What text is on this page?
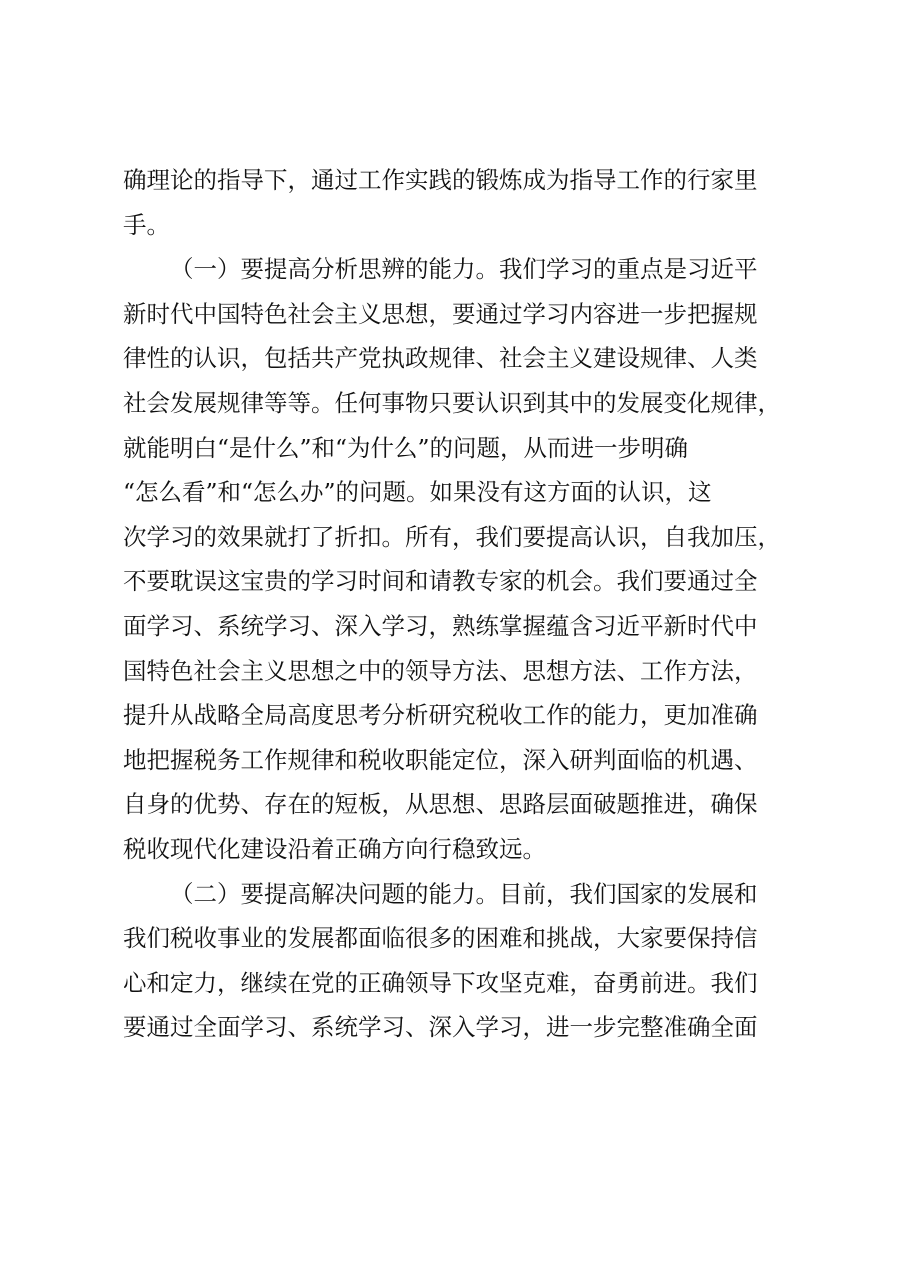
确理论的指导下，通过工作实践的锻炼成为指导工作的行家里
手。
（一）要提高分析思辨的能力。我们学习的重点是习近平
新时代中国特色社会主义思想，要通过学习内容进一步把握规
律性的认识，包括共产党执政规律、社会主义建设规律、人类
社会发展规律等等。任何事物只要认识到其中的发展变化规律，
就能明白“是什么”和“为什么”的问题，从而进一步明确
“怎么看”和“怎么办”的问题。如果没有这方面的认识，这
次学习的效果就打了折扣。所有，我们要提高认识，自我加压，
不要耽误这宝贵的学习时间和请教专家的机会。我们要通过全
面学习、系统学习、深入学习，熟练掌握蕴含习近平新时代中
国特色社会主义思想之中的领导方法、思想方法、工作方法，
提升从战略全局高度思考分析研究税收工作的能力，更加准确
地把握税务工作规律和税收职能定位，深入研判面临的机遇、
自身的优势、存在的短板，从思想、思路层面破题推进，确保
税收现代化建设沿着正确方向行稳致远。
（二）要提高解决问题的能力。目前，我们国家的发展和
我们税收事业的发展都面临很多的困难和挑战，大家要保持信
心和定力，继续在党的正确领导下攻坚克难，奋勇前进。我们
要通过全面学习、系统学习、深入学习，进一步完整准确全面
